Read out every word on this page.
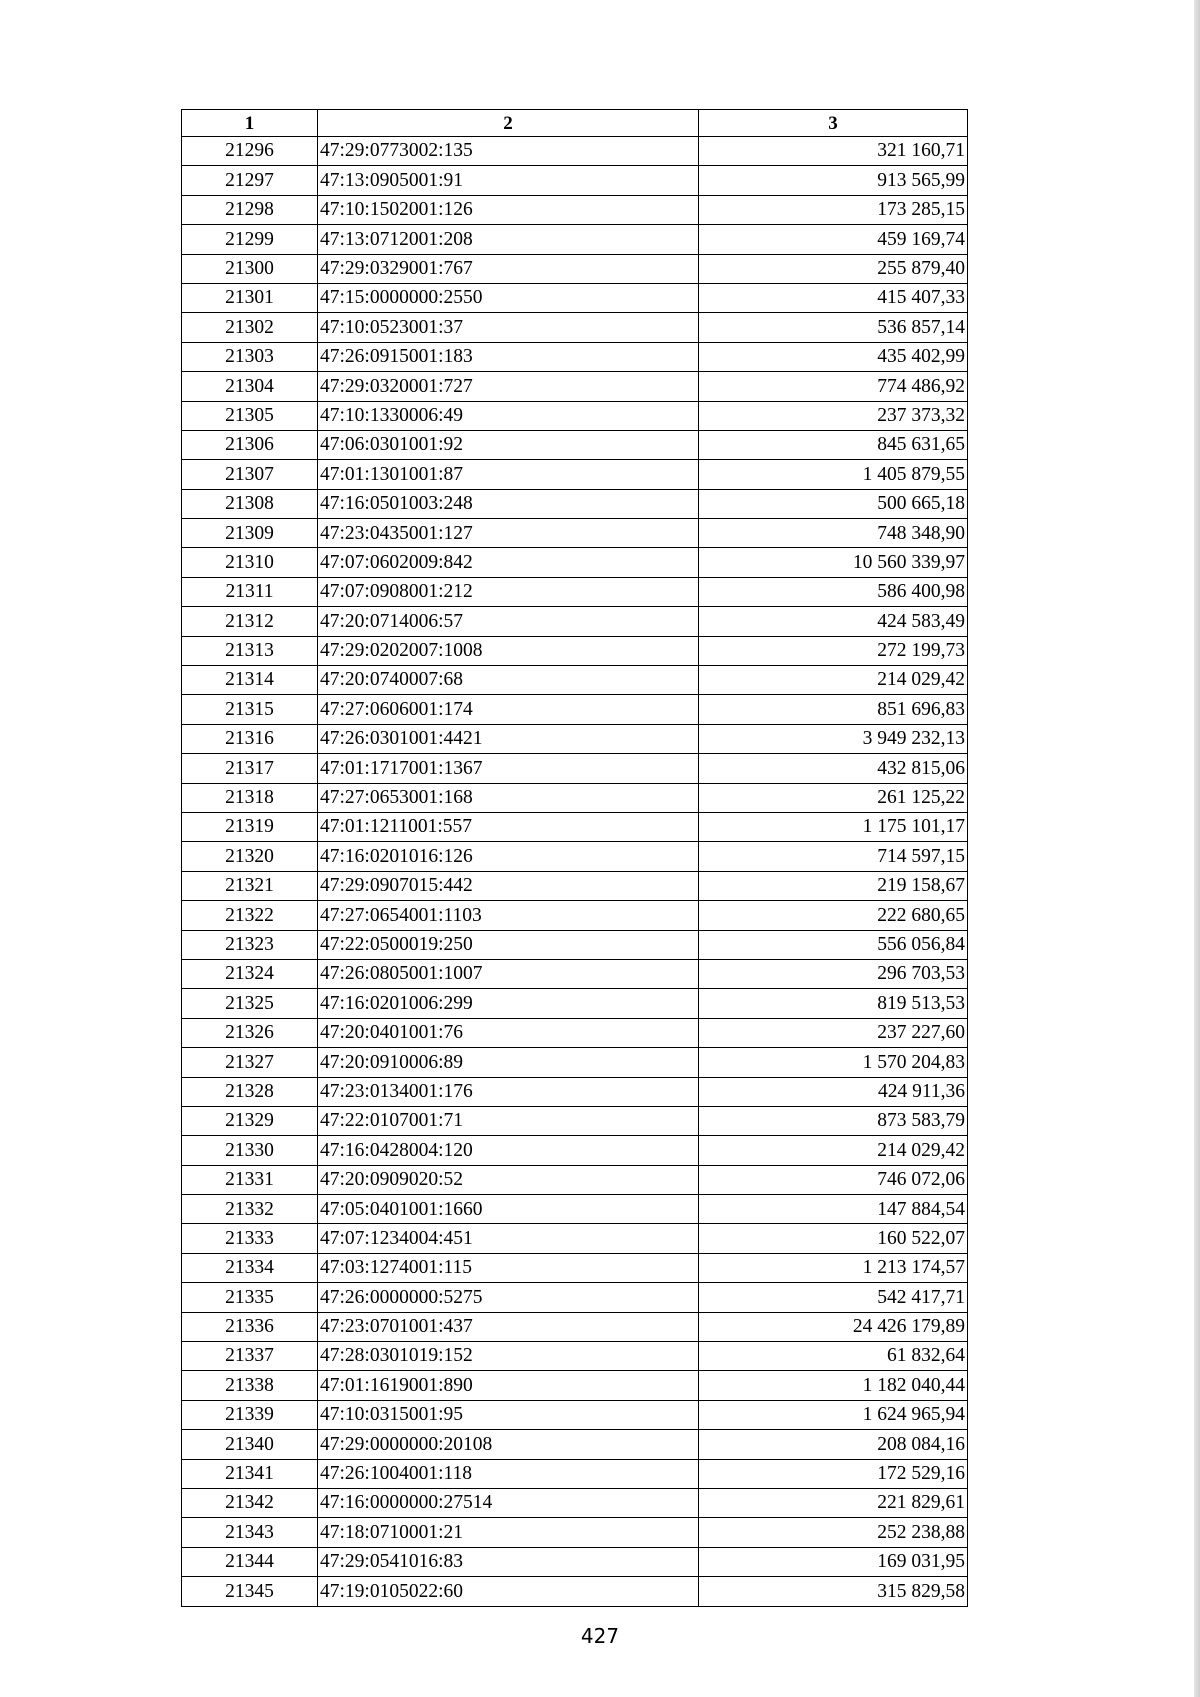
1	2	3
21296	47:29:0773002:135	321 160,71
21297	47:13:0905001:91	913 565,99
21298	47:10:1502001:126	173 285,15
21299	47:13:0712001:208	459 169,74
21300	47:29:0329001:767	255 879,40
21301	47:15:0000000:2550	415 407,33
21302	47:10:0523001:37	536 857,14
21303	47:26:0915001:183	435 402,99
21304	47:29:0320001:727	774 486,92
21305	47:10:1330006:49	237 373,32
21306	47:06:0301001:92	845 631,65
21307	47:01:1301001:87	1 405 879,55
21308	47:16:0501003:248	500 665,18
21309	47:23:0435001:127	748 348,90
21310	47:07:0602009:842	10 560 339,97
21311	47:07:0908001:212	586 400,98
21312	47:20:0714006:57	424 583,49
21313	47:29:0202007:1008	272 199,73
21314	47:20:0740007:68	214 029,42
21315	47:27:0606001:174	851 696,83
21316	47:26:0301001:4421	3 949 232,13
21317	47:01:1717001:1367	432 815,06
21318	47:27:0653001:168	261 125,22
21319	47:01:1211001:557	1 175 101,17
21320	47:16:0201016:126	714 597,15
21321	47:29:0907015:442	219 158,67
21322	47:27:0654001:1103	222 680,65
21323	47:22:0500019:250	556 056,84
21324	47:26:0805001:1007	296 703,53
21325	47:16:0201006:299	819 513,53
21326	47:20:0401001:76	237 227,60
21327	47:20:0910006:89	1 570 204,83
21328	47:23:0134001:176	424 911,36
21329	47:22:0107001:71	873 583,79
21330	47:16:0428004:120	214 029,42
21331	47:20:0909020:52	746 072,06
21332	47:05:0401001:1660	147 884,54
21333	47:07:1234004:451	160 522,07
21334	47:03:1274001:115	1 213 174,57
21335	47:26:0000000:5275	542 417,71
21336	47:23:0701001:437	24 426 179,89
21337	47:28:0301019:152	61 832,64
21338	47:01:1619001:890	1 182 040,44
21339	47:10:0315001:95	1 624 965,94
21340	47:29:0000000:20108	208 084,16
21341	47:26:1004001:118	172 529,16
21342	47:16:0000000:27514	221 829,61
21343	47:18:0710001:21	252 238,88
21344	47:29:0541016:83	169 031,95
21345	47:19:0105022:60	315 829,58
427
